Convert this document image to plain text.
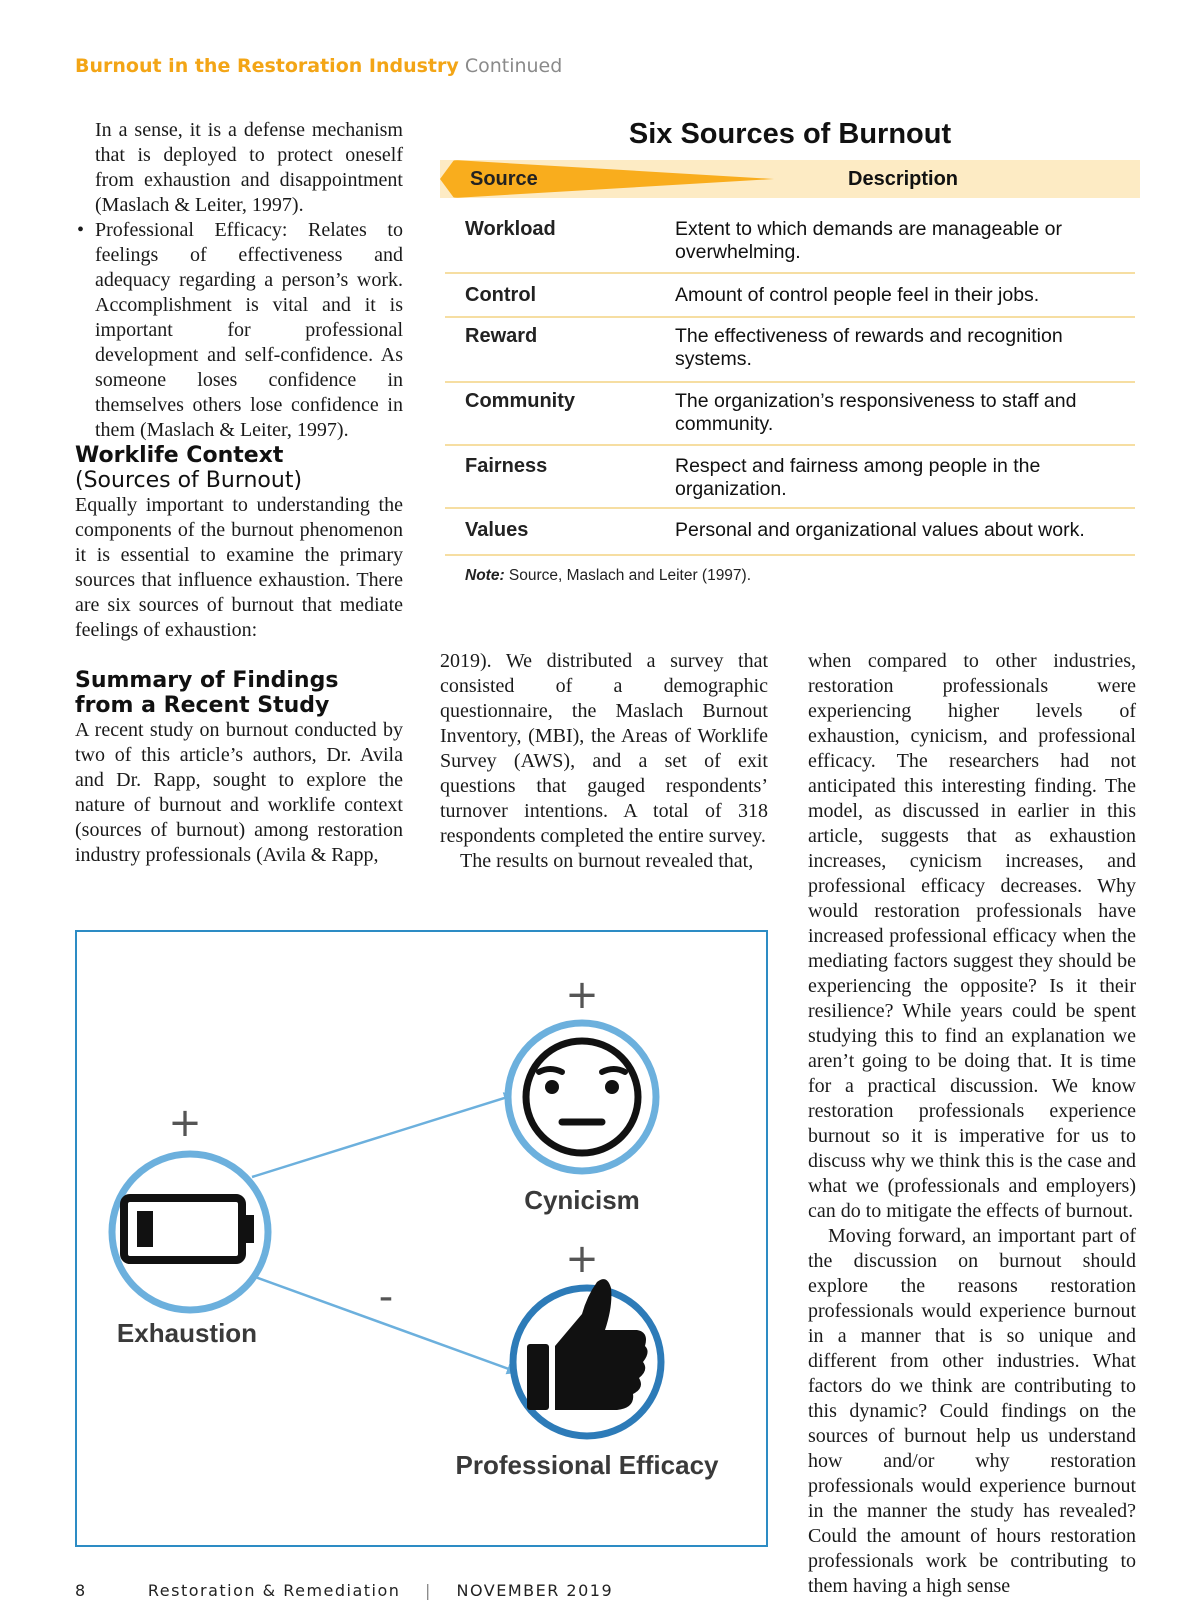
Burnout in the Restoration Industry Continued

In a sense, it is a defense mechanism that is deployed to protect oneself from exhaustion and disappointment (Maslach & Leiter, 1997).

• Professional Efficacy: Relates to feelings of effectiveness and adequacy regarding a person’s work. Accomplishment is vital and it is important for professional development and self-confidence. As someone loses confidence in themselves others lose confidence in them (Maslach & Leiter, 1997).

Worklife Context

(Sources of Burnout)

Equally important to understanding the components of the burnout phenomenon it is essential to examine the primary sources that influence exhaustion. There are six sources of burnout that mediate feelings of exhaustion:

Summary of Findings from a Recent Study

A recent study on burnout conducted by two of this article’s authors, Dr. Avila and Dr. Rapp, sought to explore the nature of burnout and worklife context (sources of burnout) among restoration industry professionals (Avila & Rapp,

Six Sources of Burnout
Source	Description
Workload	Extent to which demands are manageable or overwhelming.
Control	Amount of control people feel in their jobs.
Reward	The effectiveness of rewards and recognition systems.
Community	The organization’s responsiveness to staff and community.
Fairness	Respect and fairness among people in the organization.
Values	Personal and organizational values about work.
Note: Source, Maslach and Leiter (1997).

2019). We distributed a survey that consisted of a demographic questionnaire, the Maslach Burnout Inventory, (MBI), the Areas of Worklife Survey (AWS), and a set of exit questions that gauged respondents’ turnover intentions. A total of 318 respondents completed the entire survey.

The results on burnout revealed that,

when compared to other industries, restoration professionals were experiencing higher levels of exhaustion, cynicism, and professional efficacy. The researchers had not anticipated this interesting finding. The model, as discussed in earlier in this article, suggests that as exhaustion increases, cynicism increases, and professional efficacy decreases. Why would restoration professionals have increased professional efficacy when the mediating factors suggest they should be experiencing the opposite? Is it their resilience? While years could be spent studying this to find an explanation we aren’t going to be doing that. It is time for a practical discussion. We know restoration professionals experience burnout so it is imperative for us to discuss why we think this is the case and what we (professionals and employers) can do to mitigate the effects of burnout.

Moving forward, an important part of the discussion on burnout should explore the reasons restoration professionals would experience burnout in a manner that is so unique and different from other industries. What factors do we think are contributing to this dynamic? Could findings on the sources of burnout help us understand how and/or why restoration professionals would experience burnout in the manner the study has revealed? Could the amount of hours restoration professionals work be contributing to them having a high sense

+
+
+
-
Exhaustion
Cynicism
Professional Efficacy
8	Restoration & Remediation | NOVEMBER 2019
